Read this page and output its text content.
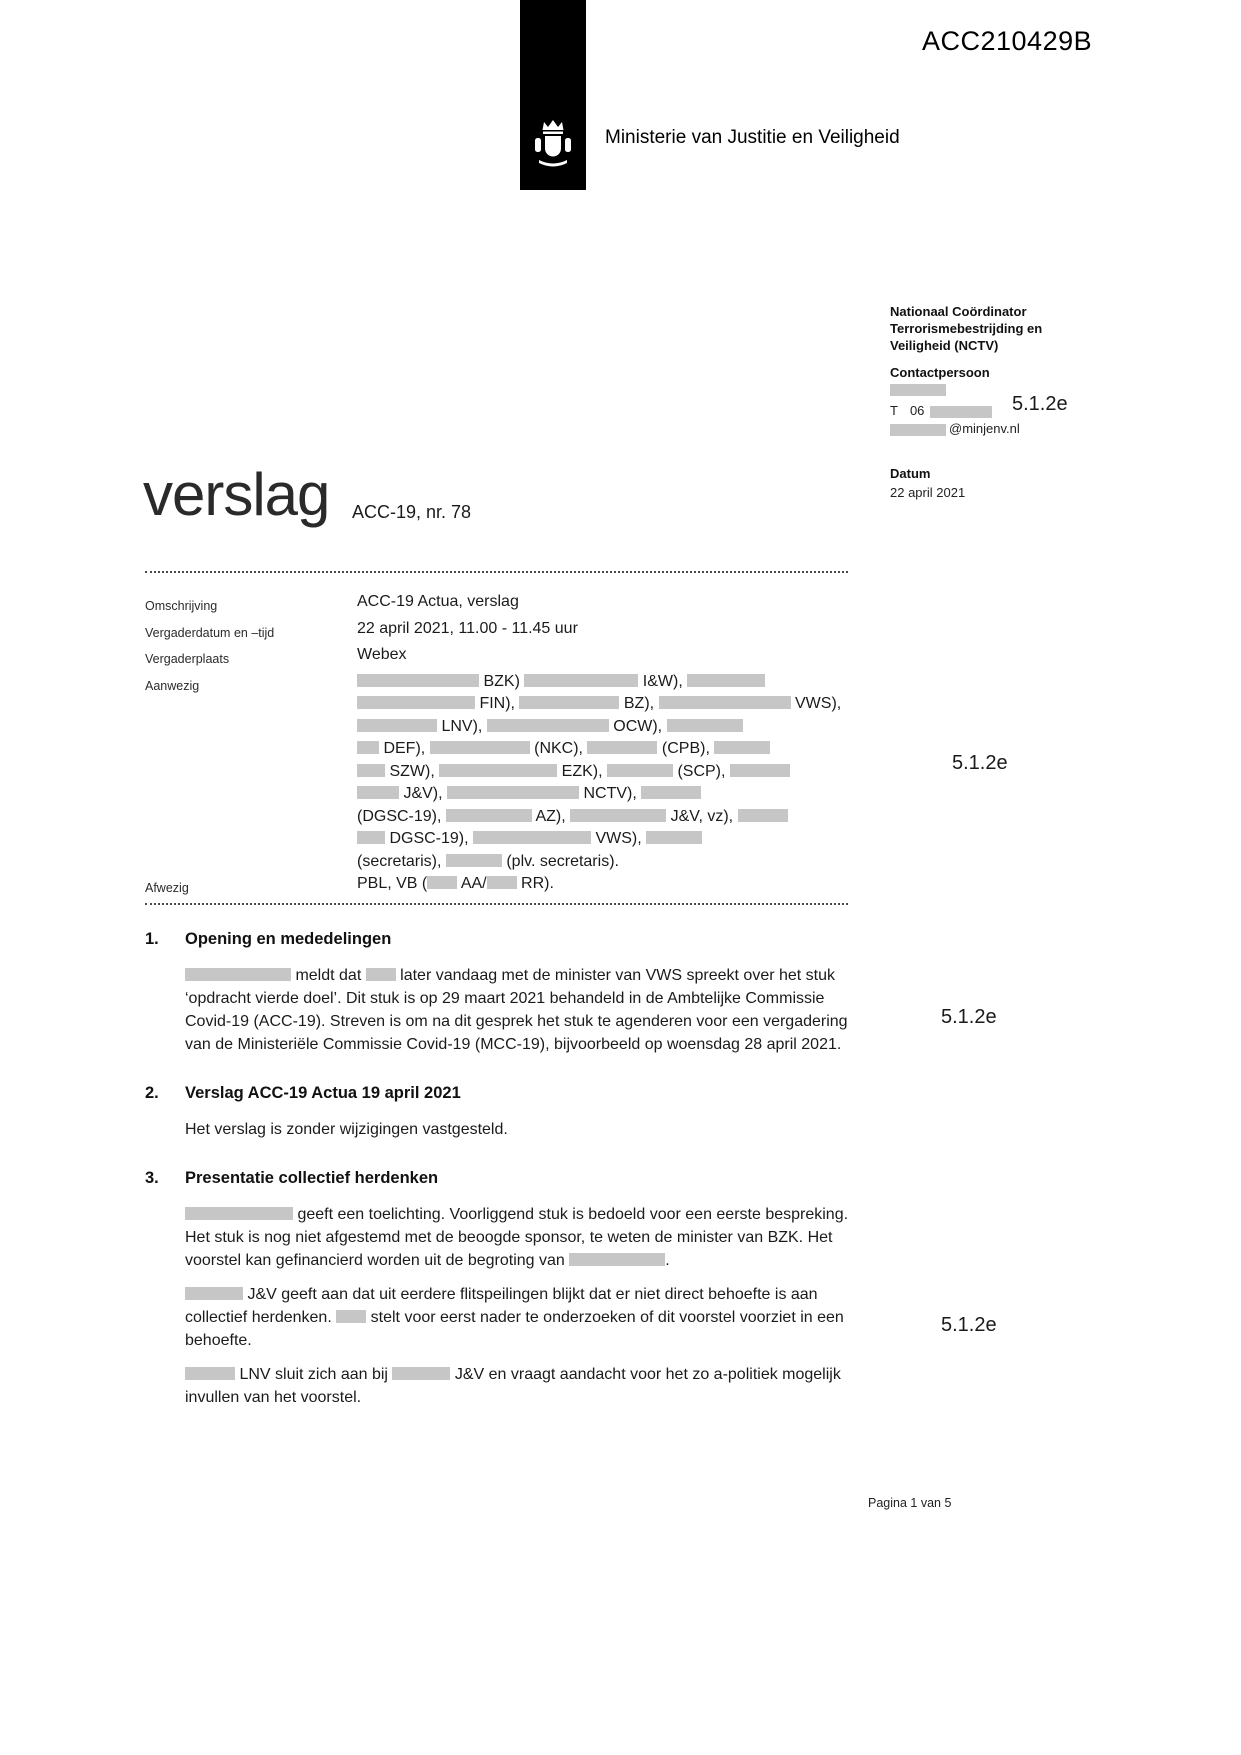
ACC210429B
Ministerie van Justitie en Veiligheid
Nationaal Coördinator
Terrorismebestrijding en
Veiligheid (NCTV)
Contactpersoon
T 06
@minjenv.nl
5.1.2e
Datum
22 april 2021
verslag ACC-19, nr. 78
Omschrijving	ACC-19 Actua, verslag
Vergaderdatum en –tijd	22 april 2021, 11.00 - 11.45 uur
Vergaderplaats	Webex
Aanwezig	BZK)	I&W),
FIN),	BZ),	VWS),
LNV),	OCW),
DEF),	(NKC),	(CPB),
SZW),	EZK),	(SCP),
J&V),	NCTV),
(DGSC-19),	AZ),	J&V, vz),
DGSC-19),	VWS),
(secretaris),	(plv. secretaris).
Afwezig	PBL, VB ( AA/ RR).
5.1.2e
5.1.2e
5.1.2e
1.	Opening en mededelingen

meldt dat  later vandaag met de minister van VWS spreekt over het stuk ‘opdracht vierde doel’. Dit stuk is op 29 maart 2021 behandeld in de Ambtelijke Commissie Covid-19 (ACC-19). Streven is om na dit gesprek het stuk te agenderen voor een vergadering van de Ministeriële Commissie Covid-19 (MCC-19), bijvoorbeeld op woensdag 28 april 2021.

2.	Verslag ACC-19 Actua 19 april 2021

Het verslag is zonder wijzigingen vastgesteld.

3.	Presentatie collectief herdenken

geeft een toelichting. Voorliggend stuk is bedoeld voor een eerste bespreking. Het stuk is nog niet afgestemd met de beoogde sponsor, te weten de minister van BZK. Het voorstel kan gefinancierd worden uit de begroting van	.

J&V geeft aan dat uit eerdere flitspeilingen blijkt dat er niet direct behoefte is aan collectief herdenken.  stelt voor eerst nader te onderzoeken of dit voorstel voorziet in een behoefte.

LNV sluit zich aan bij	J&V en vraagt aandacht voor het zo a-politiek mogelijk invullen van het voorstel.

Pagina 1 van 5
